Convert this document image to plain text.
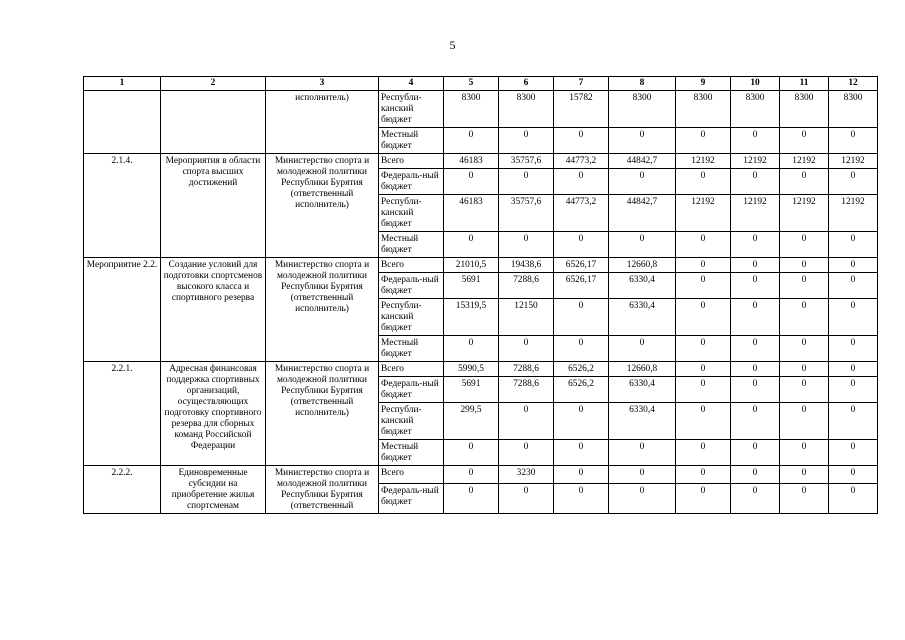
5
1	2	3	4	5	6	7	8	9	10	11	12
		исполнитель)	Республи-канский бюджет	8300	8300	15782	8300	8300	8300	8300	8300
			Местный бюджет	0	0	0	0	0	0	0	0
2.1.4.	Мероприятия в области спорта высших достижений	Министерство спорта и молодежной политики Республики Бурятия (ответственный исполнитель)	Всего	46183	35757,6	44773,2	44842,7	12192	12192	12192	12192
			Федераль-ный бюджет	0	0	0	0	0	0	0	0
			Республи-канский бюджет	46183	35757,6	44773,2	44842,7	12192	12192	12192	12192
			Местный бюджет	0	0	0	0	0	0	0	0
Мероприятие 2.2.	Создание условий для подготовки спортсменов высокого класса и спортивного резерва	Министерство спорта и молодежной политики Республики Бурятия (ответственный исполнитель)	Всего	21010,5	19438,6	6526,17	12660,8	0	0	0	0
			Федераль-ный бюджет	5691	7288,6	6526,17	6330,4	0	0	0	0
			Республи-канский бюджет	15319,5	12150	0	6330,4	0	0	0	0
			Местный бюджет	0	0	0	0	0	0	0	0
2.2.1.	Адресная финансовая поддержка спортивных организаций, осуществляющих подготовку спортивного резерва для сборных команд Российской Федерации	Министерство спорта и молодежной политики Республики Бурятия (ответственный исполнитель)	Всего	5990,5	7288,6	6526,2	12660,8	0	0	0	0
			Федераль-ный бюджет	5691	7288,6	6526,2	6330,4	0	0	0	0
			Республи-канский бюджет	299,5	0	0	6330,4	0	0	0	0
			Местный бюджет	0	0	0	0	0	0	0	0
2.2.2.	Единовременные субсидии на приобретение жилья спортсменам	Министерство спорта и молодежной политики Республики Бурятия (ответственный	Всего	0	3230	0	0	0	0	0	0
			Федераль-ный бюджет	0	0	0	0	0	0	0	0
